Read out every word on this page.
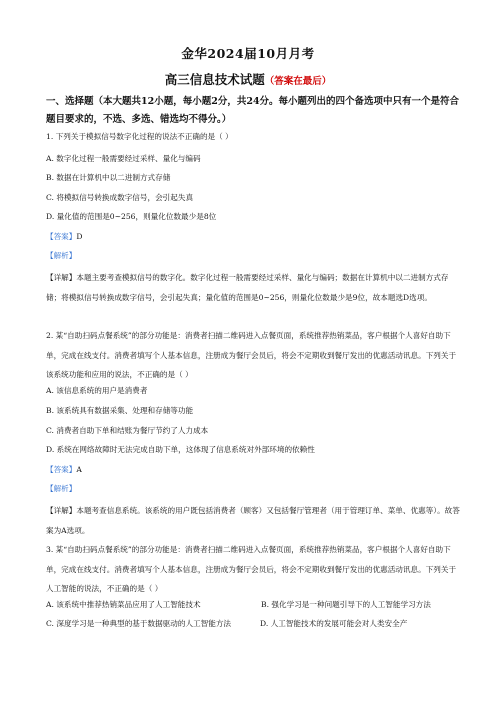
金华2024届10月月考
高三信息技术试题（答案在最后）
一、选择题（本大题共12小题，每小题2分，共24分。每小题列出的四个备选项中只有一个是符合题目要求的，不选、多选、错选均不得分。）
1. 下列关于模拟信号数字化过程的说法不正确的是（ ）
A. 数字化过程一般需要经过采样、量化与编码
B. 数据在计算机中以二进制方式存储
C. 将模拟信号转换成数字信号，会引起失真
D. 量化值的范围是0~256，则量化位数最少是8位
【答案】D
【解析】
【详解】本题主要考查模拟信号的数字化。数字化过程一般需要经过采样、量化与编码；数据在计算机中以二进制方式存储；将模拟信号转换成数字信号，会引起失真；量化值的范围是0~256，则量化位数最少是9位，故本题选D选项。
2. 某“自助扫码点餐系统”的部分功能是：消费者扫描二维码进入点餐页面，系统推荐热销菜品，客户根据个人喜好自助下单，完成在线支付。消费者填写个人基本信息，注册成为餐厅会员后，将会不定期收到餐厅发出的优惠活动讯息。下列关于该系统功能和应用的说法，不正确的是（ ）
A. 该信息系统的用户是消费者
B. 该系统具有数据采集、处理和存储等功能
C. 消费者自助下单和结账为餐厅节约了人力成本
D. 系统在网络故障时无法完成自助下单，这体现了信息系统对外部环境的依赖性
【答案】A
【解析】
【详解】本题考查信息系统。该系统的用户既包括消费者（顾客）又包括餐厅管理者（用于管理订单、菜单、优惠等）。故答案为A选项。
3. 某“自助扫码点餐系统”的部分功能是：消费者扫描二维码进入点餐页面，系统推荐热销菜品，客户根据个人喜好自助下单，完成在线支付。消费者填写个人基本信息，注册成为餐厅会员后，将会不定期收到餐厅发出的优惠活动讯息。下列关于人工智能的说法，不正确的是（ ）
A. 该系统中推荐热销菜品应用了人工智能技术	B. 强化学习是一种问题引导下的人工智能学习方法
C. 深度学习是一种典型的基于数据驱动的人工智能方法	D. 人工智能技术的发展可能会对人类安全产
